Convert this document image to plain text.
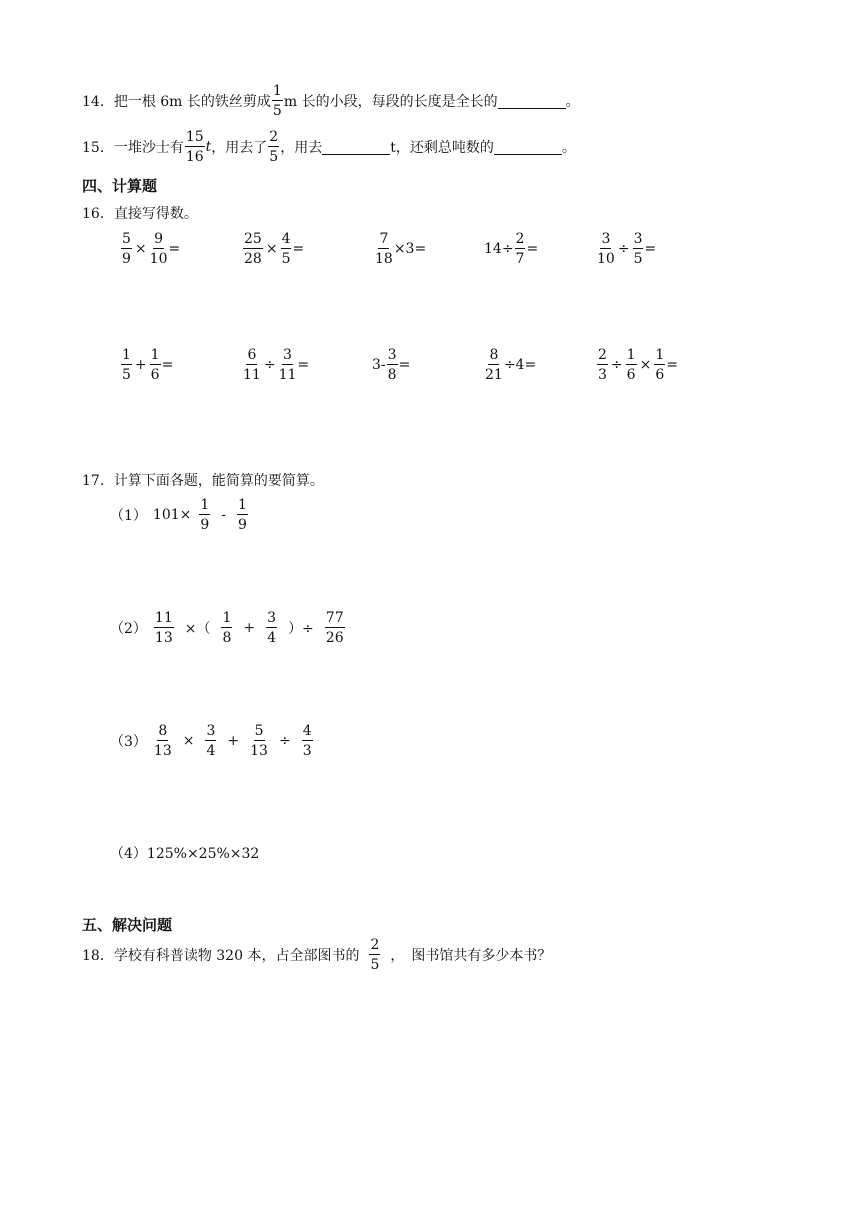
14． 把一根 6m 长的铁丝剪成 $\frac{1}{5}$ m 长的小段，每段的长度是全长的	。
15． 一堆沙士有 $\frac{15}{16}$ t ，用去了 $\frac{2}{5}$ ，用去	t，还剩总吨数的	。
四、计算题
16．直接写得数。
$\frac{5}{9} \times \frac{9}{10}$ =	$\frac{25}{28} \times \frac{4}{5}$ =	$\frac{7}{18} \times 3=$	$14\div \frac{2}{7}$ =	$\frac{3}{10} \div \frac{3}{5}$ =
$\frac{1}{5} + \frac{1}{6}$ =	$\frac{6}{11} \div \frac{3}{11}$ =	$3- \frac{3}{8}$ =	$\frac{8}{21} \div 4=$	$\frac{2}{3} \div \frac{1}{6} \times \frac{1}{6}$ =
17．计算下面各题，能简算的要简算。
（1） $101\times \frac{1}{9} - \frac{1}{9}$
$(2) \frac{11}{13}$ ×（ $\frac{1}{8} + \frac{3}{4}$ ）÷ $\frac{77}{26}$
$(3) \frac{8}{13} \times \frac{3}{4} + \frac{5}{13} \div \frac{4}{3}$
（4）125%×25%×32
五、解决问题
18． 学校有科普读物 320 本，占全部图书的 $\frac{2}{5}$ ，　图书馆共有多少本书？
